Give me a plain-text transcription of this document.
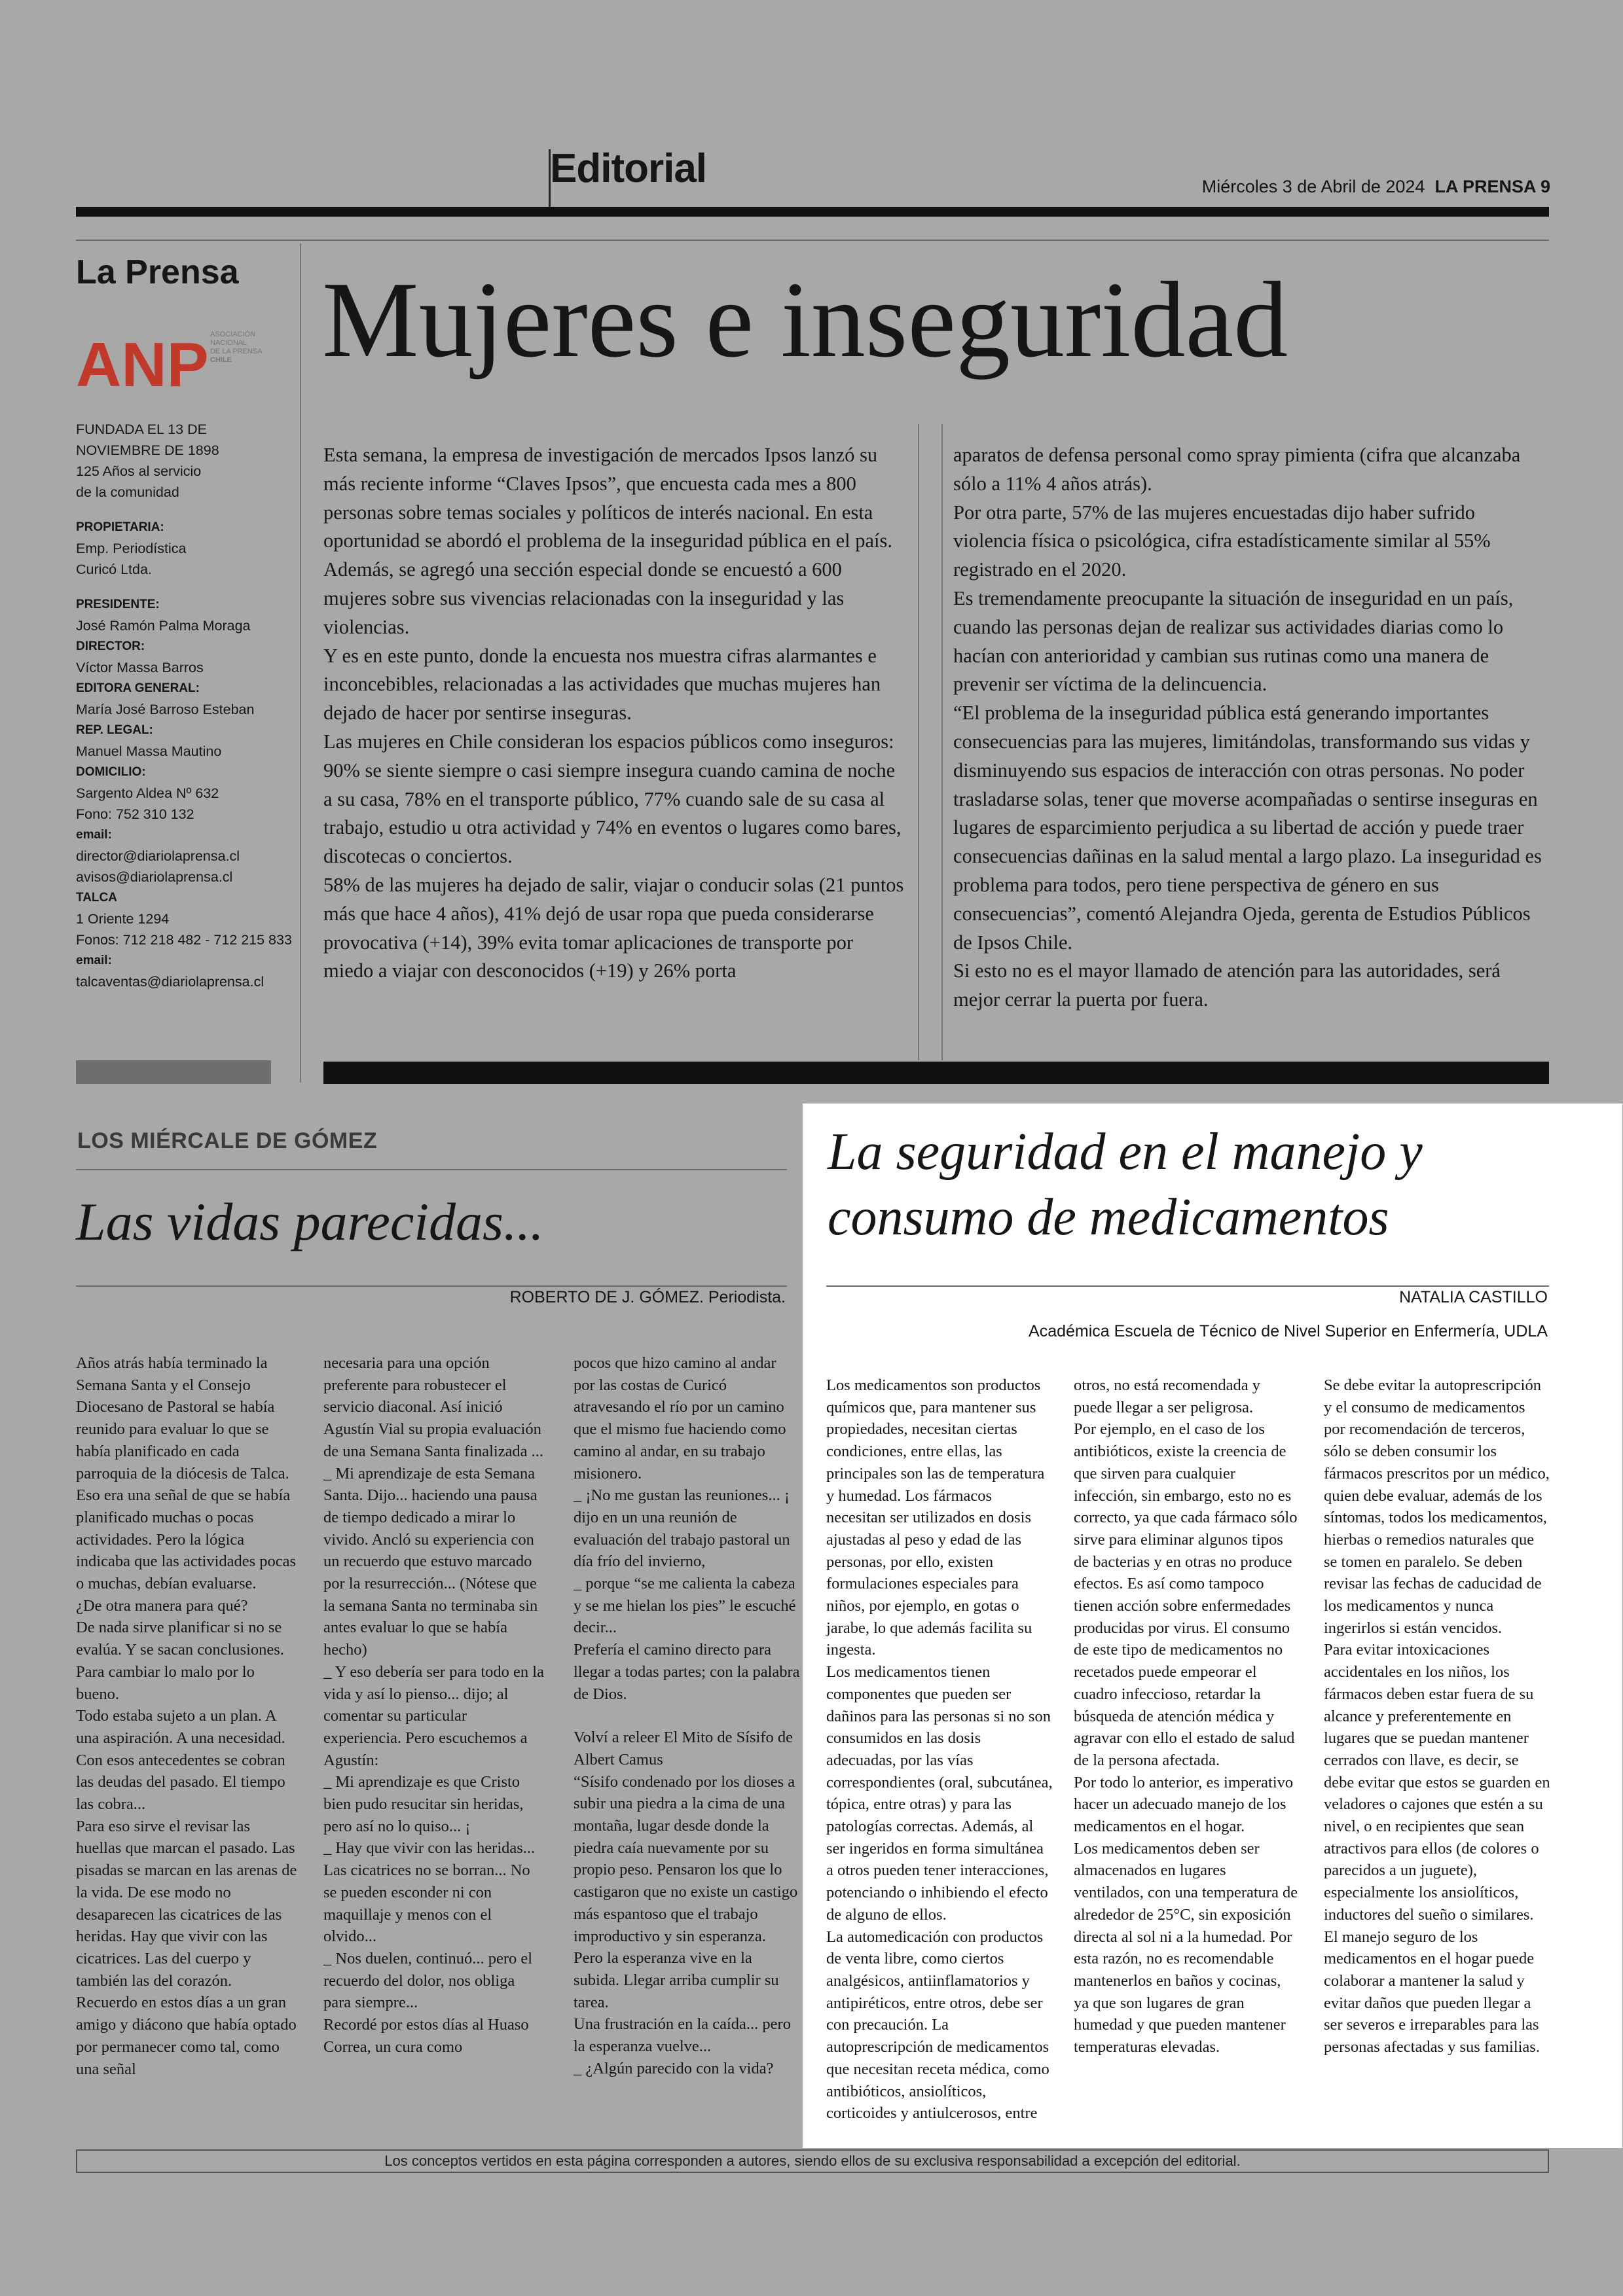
Editorial	Miércoles 3 de Abril de 2024 LA PRENSA 9
La Prensa
ANP ASOCIACIÓN
NACIONAL
DE LA PRENSA
CHILE
FUNDADA EL 13 DE
NOVIEMBRE DE 1898
125 Años al servicio
de la comunidad
PROPIETARIA:
Emp. Periodística
Curicó Ltda.
PRESIDENTE:
José Ramón Palma Moraga
DIRECTOR:
Víctor Massa Barros
EDITORA GENERAL:
María José Barroso Esteban
REP. LEGAL:
Manuel Massa Mautino
DOMICILIO:
Sargento Aldea Nº 632
Fono: 752 310 132
email:
director@diariolaprensa.cl
avisos@diariolaprensa.cl
TALCA
1 Oriente 1294
Fonos: 712 218 482 - 712 215 833
email:
talcaventas@diariolaprensa.cl
Mujeres e inseguridad

Esta semana, la empresa de investigación de mercados Ipsos lanzó su más reciente informe “Claves Ipsos”, que encuesta cada mes a 800 personas sobre temas sociales y políticos de interés nacional. En esta oportunidad se abordó el problema de la inseguridad pública en el país.

Además, se agregó una sección especial donde se encuestó a 600 mujeres sobre sus vivencias relacionadas con la inseguridad y las violencias.

Y es en este punto, donde la encuesta nos muestra cifras alarmantes e inconcebibles, relacionadas a las actividades que muchas mujeres han dejado de hacer por sentirse inseguras.

Las mujeres en Chile consideran los espacios públicos como inseguros: 90% se siente siempre o casi siempre insegura cuando camina de noche a su casa, 78% en el transporte público, 77% cuando sale de su casa al trabajo, estudio u otra actividad y 74% en eventos o lugares como bares, discotecas o conciertos.

58% de las mujeres ha dejado de salir, viajar o conducir solas (21 puntos más que hace 4 años), 41% dejó de usar ropa que pueda considerarse provocativa (+14), 39% evita tomar aplicaciones de transporte por miedo a viajar con desconocidos (+19) y 26% porta

aparatos de defensa personal como spray pimienta (cifra que alcanzaba sólo a 11% 4 años atrás).

Por otra parte, 57% de las mujeres encuestadas dijo haber sufrido violencia física o psicológica, cifra estadísticamente similar al 55% registrado en el 2020.

Es tremendamente preocupante la situación de inseguridad en un país, cuando las personas dejan de realizar sus actividades diarias como lo hacían con anterioridad y cambian sus rutinas como una manera de prevenir ser víctima de la delincuencia.

“El problema de la inseguridad pública está generando importantes consecuencias para las mujeres, limitándolas, transformando sus vidas y disminuyendo sus espacios de interacción con otras personas. No poder trasladarse solas, tener que moverse acompañadas o sentirse inseguras en lugares de esparcimiento perjudica a su libertad de acción y puede traer consecuencias dañinas en la salud mental a largo plazo. La inseguridad es problema para todos, pero tiene perspectiva de género en sus consecuencias”, comentó Alejandra Ojeda, gerenta de Estudios Públicos de Ipsos Chile.

Si esto no es el mayor llamado de atención para las autoridades, será mejor cerrar la puerta por fuera.

LOS MIÉRCALE DE GÓMEZ
Las vidas parecidas...
ROBERTO DE J. GÓMEZ. Periodista.

Años atrás había terminado la Semana Santa y el Consejo Diocesano de Pastoral se había reunido para evaluar lo que se había planificado en cada parroquia de la diócesis de Talca. Eso era una señal de que se había planificado muchas o pocas actividades. Pero la lógica indicaba que las actividades pocas o muchas, debían evaluarse.

¿De otra manera para qué?

De nada sirve planificar si no se evalúa. Y se sacan conclusiones. Para cambiar lo malo por lo bueno.

Todo estaba sujeto a un plan. A una aspiración. A una necesidad.

Con esos antecedentes se cobran las deudas del pasado. El tiempo las cobra...

Para eso sirve el revisar las huellas que marcan el pasado. Las pisadas se marcan en las arenas de la vida. De ese modo no desaparecen las cicatrices de las heridas. Hay que vivir con las cicatrices. Las del cuerpo y también las del corazón.

Recuerdo en estos días a un gran amigo y diácono que había optado por permanecer como tal, como una señal

necesaria para una opción preferente para robustecer el servicio diaconal. Así inició Agustín Vial su propia evaluación de una Semana Santa finalizada ...

_ Mi aprendizaje de esta Semana Santa. Dijo... haciendo una pausa de tiempo dedicado a mirar lo vivido. Ancló su experiencia con un recuerdo que estuvo marcado por la resurrección... (Nótese que la semana Santa no terminaba sin antes evaluar lo que se había hecho)

_ Y eso debería ser para todo en la vida y así lo pienso... dijo; al comentar su particular experiencia. Pero escuchemos a Agustín:

_ Mi aprendizaje es que Cristo bien pudo resucitar sin heridas, pero así no lo quiso... ¡

_ Hay que vivir con las heridas... Las cicatrices no se borran... No se pueden esconder ni con maquillaje y menos con el olvido...

_ Nos duelen, continuó... pero el recuerdo del dolor, nos obliga para siempre...

Recordé por estos días al Huaso Correa, un cura como

pocos que hizo camino al andar por las costas de Curicó atravesando el río por un camino que el mismo fue haciendo como camino al andar, en su trabajo misionero.

_ ¡No me gustan las reuniones... ¡ dijo en un una reunión de evaluación del trabajo pastoral un día frío del invierno,

_ porque “se me calienta la cabeza y se me hielan los pies” le escuché decir...

Prefería el camino directo para llegar a todas partes; con la palabra de Dios.

Volví a releer El Mito de Sísifo de Albert Camus

“Sísifo condenado por los dioses a subir una piedra a la cima de una montaña, lugar desde donde la piedra caía nuevamente por su propio peso. Pensaron los que lo castigaron que no existe un castigo más espantoso que el trabajo improductivo y sin esperanza.

Pero la esperanza vive en la subida. Llegar arriba cumplir su tarea.

Una frustración en la caída... pero la esperanza vuelve...

_ ¿Algún parecido con la vida?

La seguridad en el manejo y
consumo de medicamentos
NATALIA CASTILLO
Académica Escuela de Técnico de Nivel Superior en Enfermería, UDLA

Los medicamentos son productos químicos que, para mantener sus propiedades, necesitan ciertas condiciones, entre ellas, las principales son las de temperatura y humedad. Los fármacos necesitan ser utilizados en dosis ajustadas al peso y edad de las personas, por ello, existen formulaciones especiales para niños, por ejemplo, en gotas o jarabe, lo que además facilita su ingesta.

Los medicamentos tienen componentes que pueden ser dañinos para las personas si no son consumidos en las dosis adecuadas, por las vías correspondientes (oral, subcutánea, tópica, entre otras) y para las patologías correctas. Además, al ser ingeridos en forma simultánea a otros pueden tener interacciones, potenciando o inhibiendo el efecto de alguno de ellos.

La automedicación con productos de venta libre, como ciertos analgésicos, antiinflamatorios y antipiréticos, entre otros, debe ser con precaución. La autoprescripción de medicamentos que necesitan receta médica, como antibióticos, ansiolíticos, corticoides y antiulcerosos, entre

otros, no está recomendada y puede llegar a ser peligrosa.

Por ejemplo, en el caso de los antibióticos, existe la creencia de que sirven para cualquier infección, sin embargo, esto no es correcto, ya que cada fármaco sólo sirve para eliminar algunos tipos de bacterias y en otras no produce efectos. Es así como tampoco tienen acción sobre enfermedades producidas por virus. El consumo de este tipo de medicamentos no recetados puede empeorar el cuadro infeccioso, retardar la búsqueda de atención médica y agravar con ello el estado de salud de la persona afectada.

Por todo lo anterior, es imperativo hacer un adecuado manejo de los medicamentos en el hogar.

Los medicamentos deben ser almacenados en lugares ventilados, con una temperatura de alrededor de 25°C, sin exposición directa al sol ni a la humedad. Por esta razón, no es recomendable mantenerlos en baños y cocinas, ya que son lugares de gran humedad y que pueden mantener temperaturas elevadas.

Se debe evitar la autoprescripción y el consumo de medicamentos por recomendación de terceros, sólo se deben consumir los fármacos prescritos por un médico, quien debe evaluar, además de los síntomas, todos los medicamentos, hierbas o remedios naturales que se tomen en paralelo. Se deben revisar las fechas de caducidad de los medicamentos y nunca ingerirlos si están vencidos.

Para evitar intoxicaciones accidentales en los niños, los fármacos deben estar fuera de su alcance y preferentemente en lugares que se puedan mantener cerrados con llave, es decir, se debe evitar que estos se guarden en veladores o cajones que estén a su nivel, o en recipientes que sean atractivos para ellos (de colores o parecidos a un juguete), especialmente los ansiolíticos, inductores del sueño o similares.

El manejo seguro de los medicamentos en el hogar puede colaborar a mantener la salud y evitar daños que pueden llegar a ser severos e irreparables para las personas afectadas y sus familias.

Los conceptos vertidos en esta página corresponden a autores, siendo ellos de su exclusiva responsabilidad a excepción del editorial.
